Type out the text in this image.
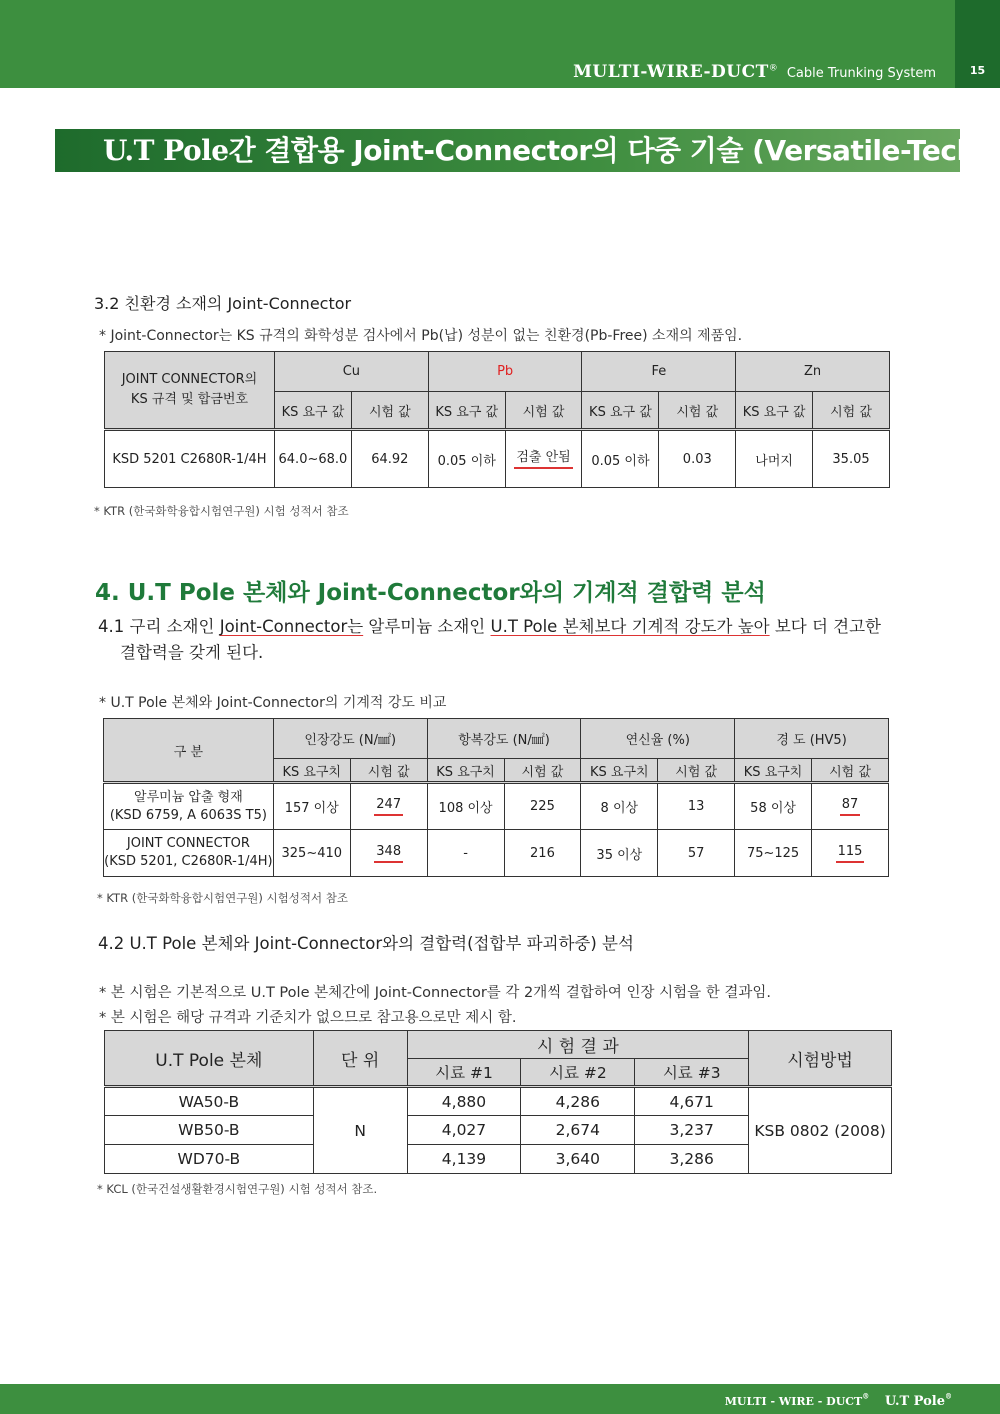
MULTI-WIRE-DUCT® Cable Trunking System	15
U.T Pole간 결합용 Joint-Connector의 다중 기술 (Versatile-Tech)
3.2 친환경 소재의 Joint-Connector
* Joint-Connector는 KS 규격의 화학성분 검사에서 Pb(납) 성분이 없는 친환경(Pb-Free) 소재의 제품임.
JOINT CONNECTOR의 KS 규격 및 합금번호	Cu		Pb		Fe		Zn	
	KS 요구 값	시험 값	KS 요구 값	시험 값	KS 요구 값	시험 값	KS 요구 값	시험 값
KSD 5201 C2680R-1/4H	64.0~68.0	64.92	0.05 이하	검출 안됨	0.05 이하	0.03	나머지	35.05
* KTR (한국화학융합시험연구원) 시험 성적서 참조
4. U.T Pole 본체와 Joint-Connector와의 기계적 결합력 분석
4.1 구리 소재인 Joint-Connector는 알루미늄 소재인 U.T Pole 본체보다 기계적 강도가 높아 보다 더 견고한
결합력을 갖게 된다.
* U.T Pole 본체와 Joint-Connector의 기계적 강도 비교
구 분	인장강도 (N/㎟)		항복강도 (N/㎟)		연신율 (%)		경 도 (HV5)	
	KS 요구치	시험 값	KS 요구치	시험 값	KS 요구치	시험 값	KS 요구치	시험 값

알루미늄 압출 형재
(KSD 6759, A 6063S T5)	157 이상	247	108 이상	225	8 이상	13	58 이상	87

JOINT CONNECTOR
(KSD 5201, C2680R-1/4H)	325~410	348	-	216	35 이상	57	75~125	115
* KTR (한국화학융합시험연구원) 시험성적서 참조
4.2 U.T Pole 본체와 Joint-Connector와의 결합력(접합부 파괴하중) 분석
* 본 시험은 기본적으로 U.T Pole 본체간에 Joint-Connector를 각 2개씩 결합하여 인장 시험을 한 결과임.
* 본 시험은 해당 규격과 기준치가 없으므로 참고용으로만 제시 함.
U.T Pole 본체	단 위	시 험 결 과			시험방법
		시료 #1	시료 #2	시료 #3	
WA50-B	N	4,880	4,286	4,671	KSB 0802 (2008)
WB50-B		4,027	2,674	3,237	
WD70-B		4,139	3,640	3,286	
* KCL (한국건설생활환경시험연구원) 시험 성적서 참조.
MULTI - WIRE - DUCT® U.T Pole®
